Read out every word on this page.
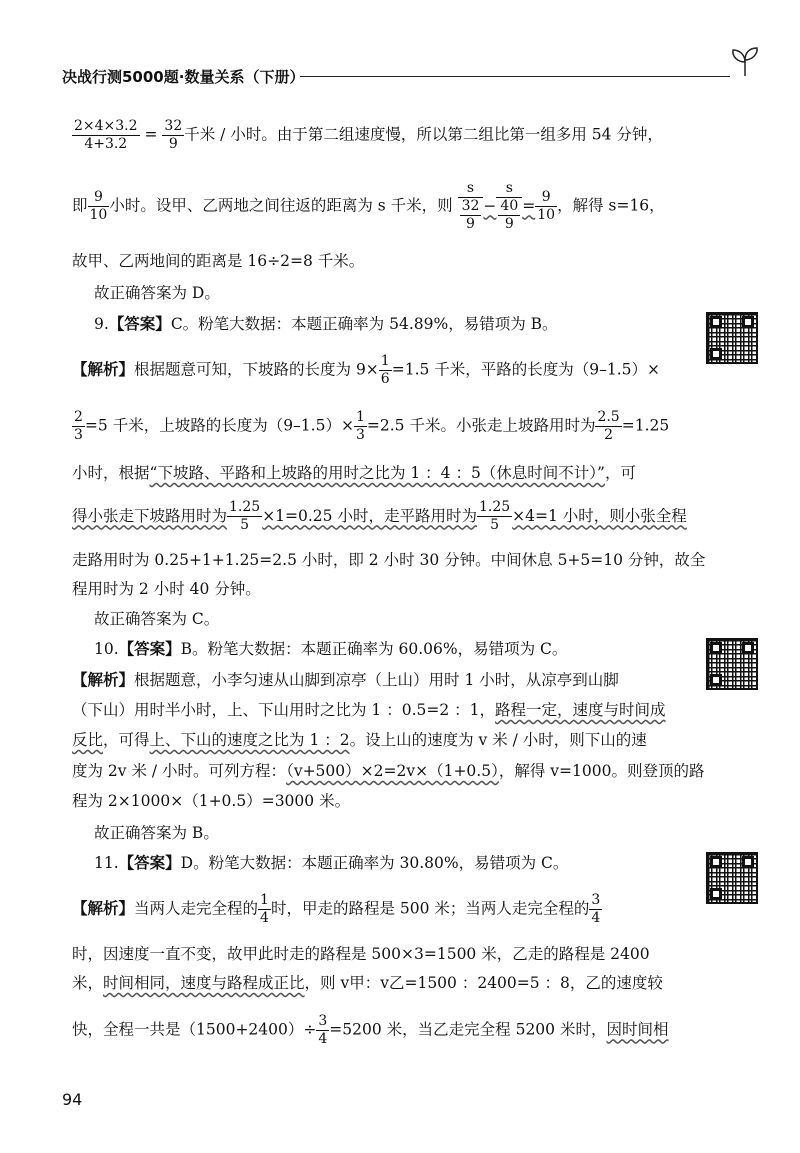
决战行测5000题·数量关系（下册）
$\frac{2\times 4\times 3.2}{4+3.2} = \frac{32}{9}$ 千米 / 小时。由于第二组速度慢，所以第二组比第一组多用 54 分钟，
即 $\frac{9}{10}$ 小时。设甲、乙两地之间往返的距离为 s 千米，则 $\frac{s}{\frac{32}{9}} - \frac{s}{\frac{40}{9}} = \frac{9}{10}$ ，解得 s=16，
故甲、乙两地间的距离是 16÷2=8 千米。
故正确答案为 D。
9.【答案】C。粉笔大数据：本题正确率为 54.89%，易错项为 B。
【解析】根据题意可知，下坡路的长度为 $9\times \frac{1}{6} =1.5$ 千米，平路的长度为（9–1.5）×
$\frac{2}{3} =5$ 千米，上坡路的长度为$(9-1.5)\times \frac{1}{3} =2.5$ 千米。小张走上坡路用时为 $\frac{2.5}{2} =1.25$
小时，根据“下坡路、平路和上坡路的用时之比为 1 ：4 ：5（休息时间不计）”，可
得小张走下坡路用时为 $\frac{1.25}{5} \times 1=0.25$ 小时，走平路用时为 $\frac{1.25}{5} \times 4=1$ 小时，则小张全程
走路用时为 0.25+1+1.25=2.5 小时，即 2 小时 30 分钟。中间休息 5+5=10 分钟，故全
程用时为 2 小时 40 分钟。
故正确答案为 C。
10.【答案】B。粉笔大数据：本题正确率为 60.06%，易错项为 C。
【解析】根据题意，小李匀速从山脚到凉亭（上山）用时 1 小时，从凉亭到山脚
（下山）用时半小时，上、下山用时之比为 1 ：0.5=2 ：1，路程一定，速度与时间成
反比，可得上、下山的速度之比为 1 ：2。设上山的速度为 v 米 / 小时，则下山的速
度为 2v 米 / 小时。可列方程：（v+500）×2=2v×（1+0.5），解得 v=1000。则登顶的路
程为 2×1000×（1+0.5）=3000 米。
故正确答案为 B。
11.【答案】D。粉笔大数据：本题正确率为 30.80%，易错项为 C。
【解析】当两人走完全程的 $\frac{1}{4}$ 时，甲走的路程是 500 米；当两人走完全程的 $\frac{3}{4}$
时，因速度一直不变，故甲此时走的路程是 500×3=1500 米，乙走的路程是 2400
米，时间相同，速度与路程成正比，则 v甲：v乙=1500 ：2400=5 ：8，乙的速度较
快，全程一共是$(1500+2400)\div \frac{3}{4} =5200$ 米，当乙走完全程 5200 米时，因时间相
94
